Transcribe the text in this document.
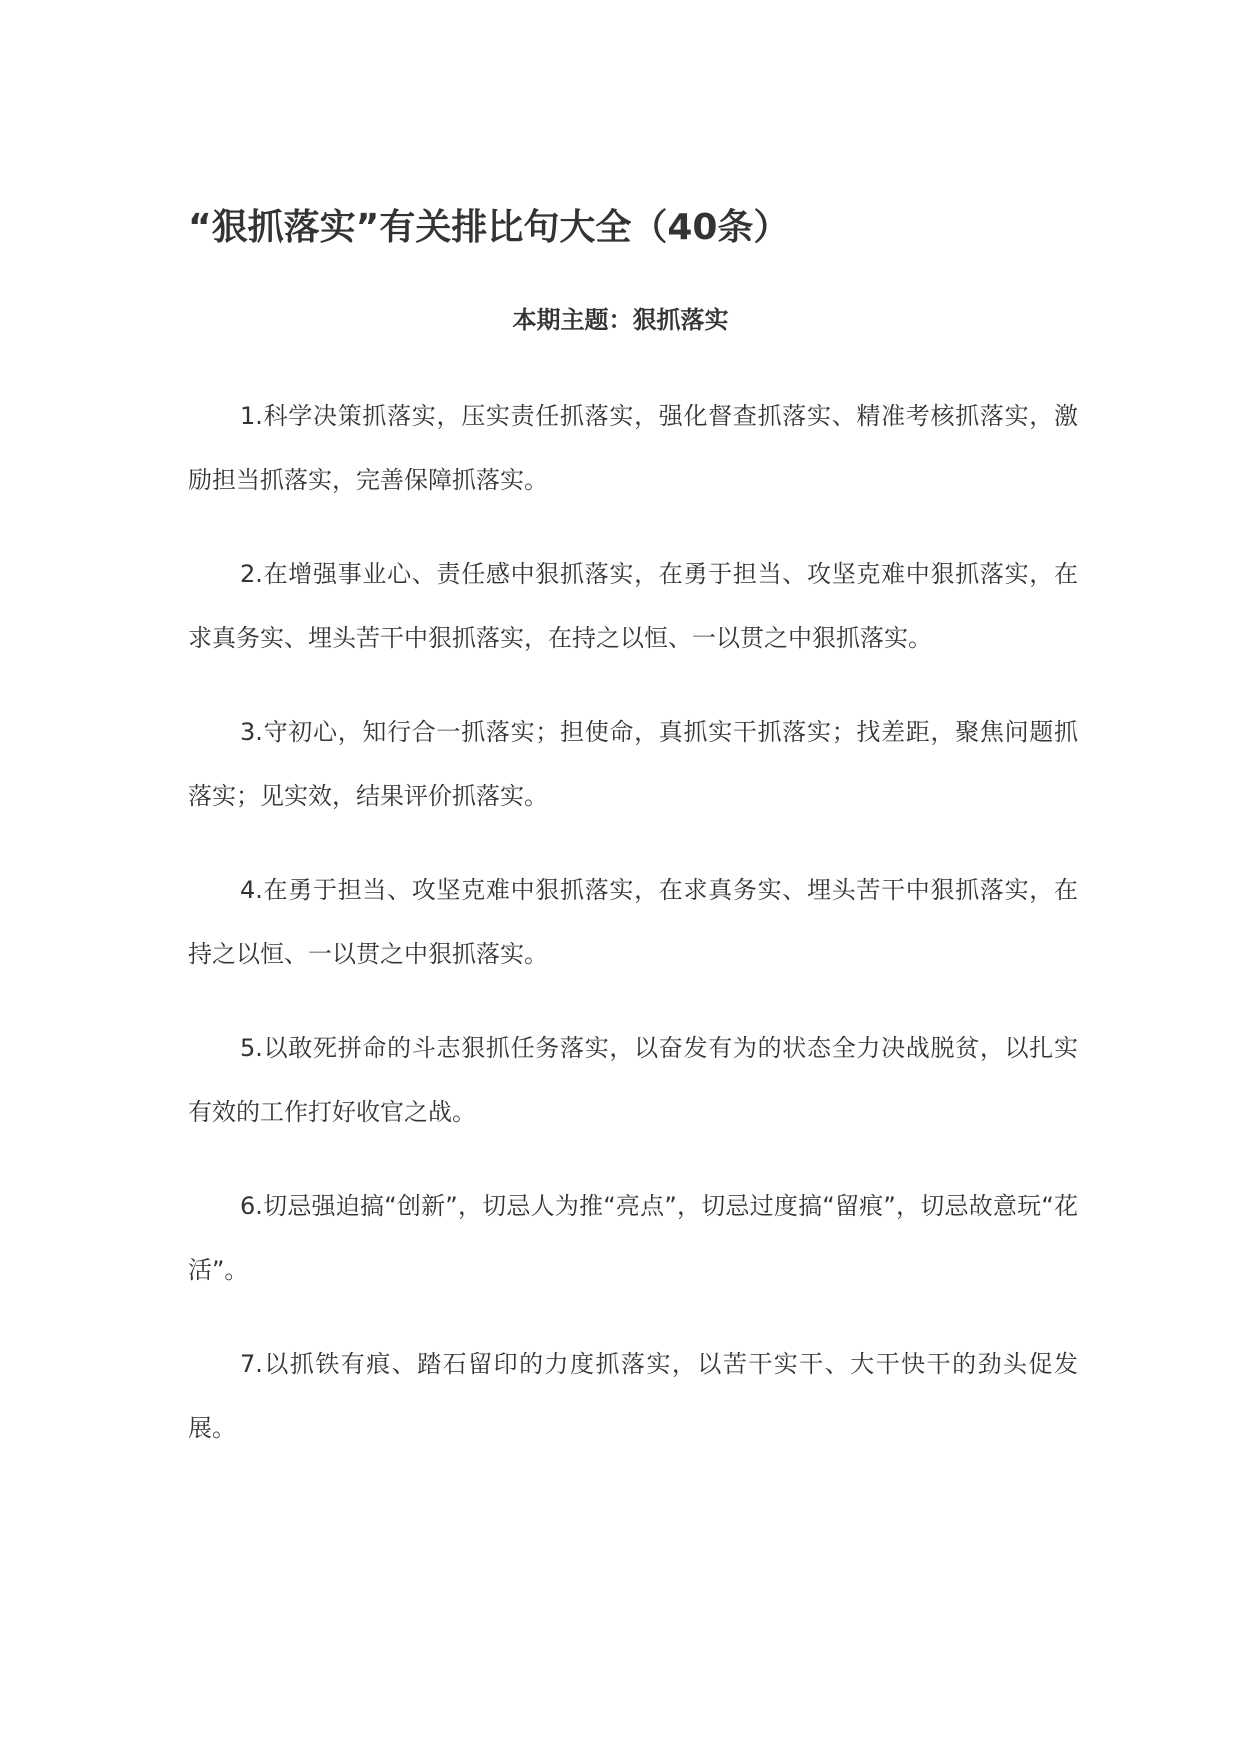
“狠抓落实”有关排比句大全（40条）

本期主题：狠抓落实

1.科学决策抓落实，压实责任抓落实，强化督查抓落实、精准考核抓落实，激励担当抓落实，完善保障抓落实。

2.在增强事业心、责任感中狠抓落实，在勇于担当、攻坚克难中狠抓落实，在求真务实、埋头苦干中狠抓落实，在持之以恒、一以贯之中狠抓落实。

3.守初心，知行合一抓落实；担使命，真抓实干抓落实；找差距，聚焦问题抓落实；见实效，结果评价抓落实。

4.在勇于担当、攻坚克难中狠抓落实，在求真务实、埋头苦干中狠抓落实，在持之以恒、一以贯之中狠抓落实。

5.以敢死拼命的斗志狠抓任务落实，以奋发有为的状态全力决战脱贫，以扎实有效的工作打好收官之战。

6.切忌强迫搞“创新”，切忌人为推“亮点”，切忌过度搞“留痕”，切忌故意玩“花活”。

7.以抓铁有痕、踏石留印的力度抓落实，以苦干实干、大干快干的劲头促发展。
